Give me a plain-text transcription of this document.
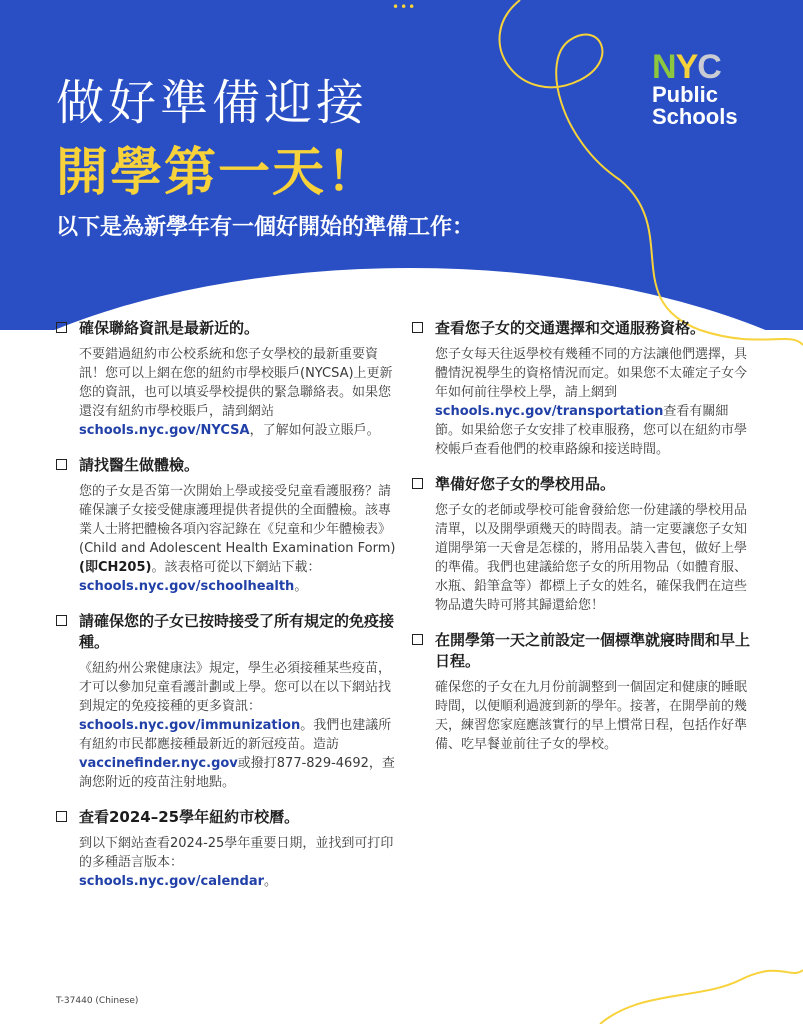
•••
做好準備迎接
開學第一天！
以下是為新學年有一個好開始的準備工作：
NYC
Public
Schools
確保聯絡資訊是最新近的。
不要錯過紐約市公校系統和您子女學校的最新重要資訊！您可以上網在您的紐約市學校賬戶(NYCSA)上更新您的資訊，也可以填妥學校提供的緊急聯絡表。如果您還沒有紐約市學校賬戶，請到網站schools.nyc.gov/NYCSA，了解如何設立賬戶。
請找醫生做體檢。
您的子女是否第一次開始上學或接受兒童看護服務？請確保讓子女接受健康護理提供者提供的全面體檢。該專業人士將把體檢各項內容記錄在《兒童和少年體檢表》(Child and Adolescent Health Examination Form) (即CH205)。該表格可從以下網站下載：schools.nyc.gov/schoolhealth。
請確保您的子女已按時接受了所有規定的免疫接種。
《紐約州公衆健康法》規定，學生必須接種某些疫苗，才可以參加兒童看護計劃或上學。您可以在以下網站找到規定的免疫接種的更多資訊：schools.nyc.gov/immunization。我們也建議所有紐約市民都應接種最新近的新冠疫苗。造訪vaccinefinder.nyc.gov或撥打877-829-4692，查詢您附近的疫苗注射地點。
查看2024–25學年紐約市校曆。
到以下網站查看2024-25學年重要日期，並找到可打印的多種語言版本：
schools.nyc.gov/calendar。
查看您子女的交通選擇和交通服務資格。
您子女每天往返學校有幾種不同的方法讓他們選擇，具體情況視學生的資格情況而定。如果您不太確定子女今年如何前往學校上學，請上網到schools.nyc.gov/transportation查看有關細節。如果給您子女安排了校車服務，您可以在紐約市學校帳戶查看他們的校車路線和接送時間。
準備好您子女的學校用品。
您子女的老師或學校可能會發給您一份建議的學校用品清單，以及開學頭幾天的時間表。請一定要讓您子女知道開學第一天會是怎樣的，將用品裝入書包，做好上學的準備。我們也建議給您子女的所用物品（如體育服、水瓶、鉛筆盒等）都標上子女的姓名，確保我們在這些物品遺失時可將其歸還給您！
在開學第一天之前設定一個標準就寢時間和早上日程。
確保您的子女在九月份前調整到一個固定和健康的睡眠時間，以便順利過渡到新的學年。接著，在開學前的幾天，練習您家庭應該實行的早上慣常日程，包括作好準備、吃早餐並前往子女的學校。
T-37440 (Chinese)
